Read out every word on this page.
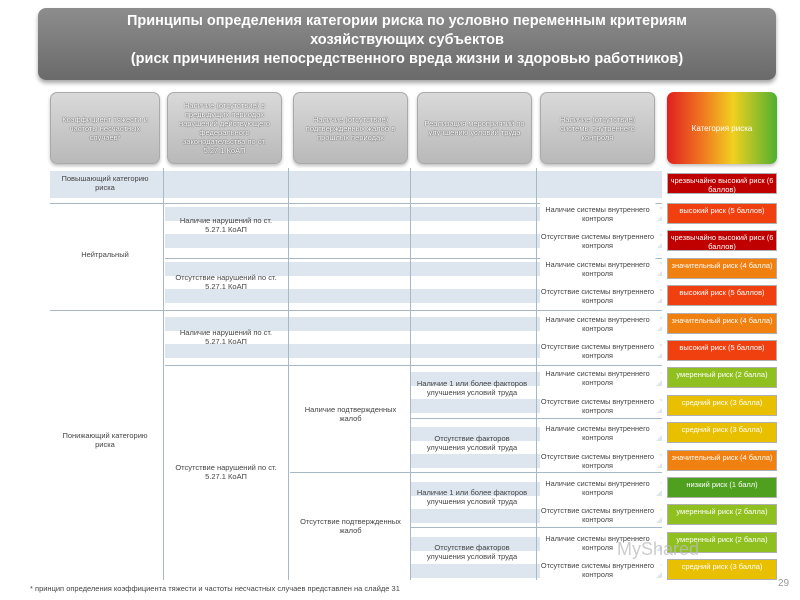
Принципы определения категории риска по условно переменным критериям
хозяйствующих субъектов
(риск причинения непосредственного вреда жизни и здоровью работников)
Коэффициент тяжести и частоты несчастных случаев*
Наличие (отсутствие) в предыдущих периодах нарушений действующего федерального законодательства по ст. 5.27.1 КоАП
Наличие (отсутствие) подтвержденных жалоб в прошлых периодах
Реализация мероприятий по улучшению условий труда
Наличие (отсутствие) системы внутреннего контроля
Категория риска
Повышающий категорию риска
Нейтральный
Понижающий категорию риска
Наличие нарушений по ст. 5.27.1 КоАП
Отсутствие нарушений по ст. 5.27.1 КоАП
Наличие нарушений по ст. 5.27.1 КоАП
Отсутствие нарушений по ст. 5.27.1 КоАП
Наличие подтвержденных жалоб
Отсутствие подтвержденных жалоб
Наличие 1 или более факторов улучшения условий труда
Отсутствие факторов улучшения условий труда
Наличие 1 или более факторов улучшения условий труда
Отсутствие факторов улучшения условий труда
чрезвычайно высокий риск (6 баллов)
Наличие системы внутреннего контроля
высокий риск (5 баллов)
Отсутствие системы внутреннего контроля
чрезвычайно высокий риск (6 баллов)
Наличие системы внутреннего контроля
значительный риск (4 балла)
Отсутствие системы внутреннего контроля
высокий риск (5 баллов)
Наличие системы внутреннего контроля
значительный риск (4 балла)
Отсутствие системы внутреннего контроля
высокий риск (5 баллов)
Наличие системы внутреннего контроля
умеренный риск (2 балла)
Отсутствие системы внутреннего контроля
средний риск (3 балла)
Наличие системы внутреннего контроля
средний риск (3 балла)
Отсутствие системы внутреннего контроля
значительный риск (4 балла)
Наличие системы внутреннего контроля
низкий риск (1 балл)
Отсутствие системы внутреннего контроля
умеренный риск (2 балла)
Наличие системы внутреннего контроля
умеренный риск (2 балла)
Отсутствие системы внутреннего контроля
средний риск (3 балла)
* принцип определения коэффициента тяжести и частоты несчастных случаев представлен на слайде 31	29
MyShared
